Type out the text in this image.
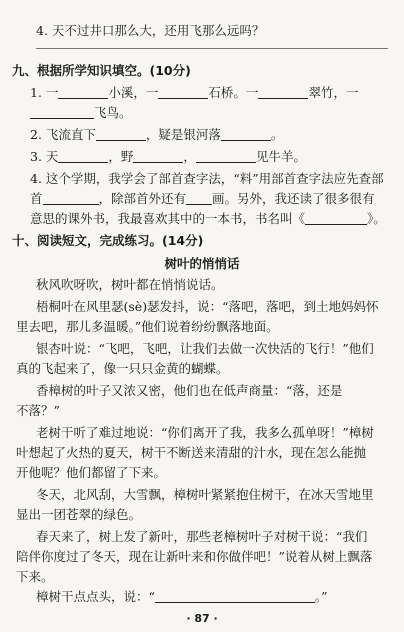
4. 天不过井口那么大，还用飞那么远吗？
九、根据所学知识填空。(10分)
1. 一	小溪，一	石桥。一	翠竹，一
飞鸟。
2. 飞流直下	，疑是银河落	。
3. 天	，野	，	见牛羊。
4. 这个学期，我学会了部首查字法，“料”用部首查字法应先查部
首	，除部首外还有 画。另外，我还读了很多很有
意思的课外书，我最喜欢其中的一本书，书名叫《	》。
十、阅读短文，完成练习。(14分)
树叶的悄悄话
秋风吹呀吹，树叶都在悄悄说话。
梧桐叶在风里瑟(sè)瑟发抖，说：“落吧，落吧，到土地妈妈怀
里去吧，那儿多温暖。”他们说着纷纷飘落地面。
银杏叶说：“飞吧，飞吧，让我们去做一次快活的飞行！”他们
真的飞起来了，像一只只金黄的蝴蝶。
香樟树的叶子又浓又密，他们也在低声商量：“落，还是
不落？”
老树干听了难过地说：“你们离开了我，我多么孤单呀！”樟树
叶想起了火热的夏天，树干不断送来清甜的汁水，现在怎么能抛
开他呢？他们都留了下来。
冬天，北风刮，大雪飘，樟树叶紧紧抱住树干，在冰天雪地里
显出一团苍翠的绿色。
春天来了，树上发了新叶，那些老樟树叶子对树干说：“我们
陪伴你度过了冬天，现在让新叶来和你做伴吧！”说着从树上飘落
下来。
樟树干点点头，说：“	。”
· 87 ·
